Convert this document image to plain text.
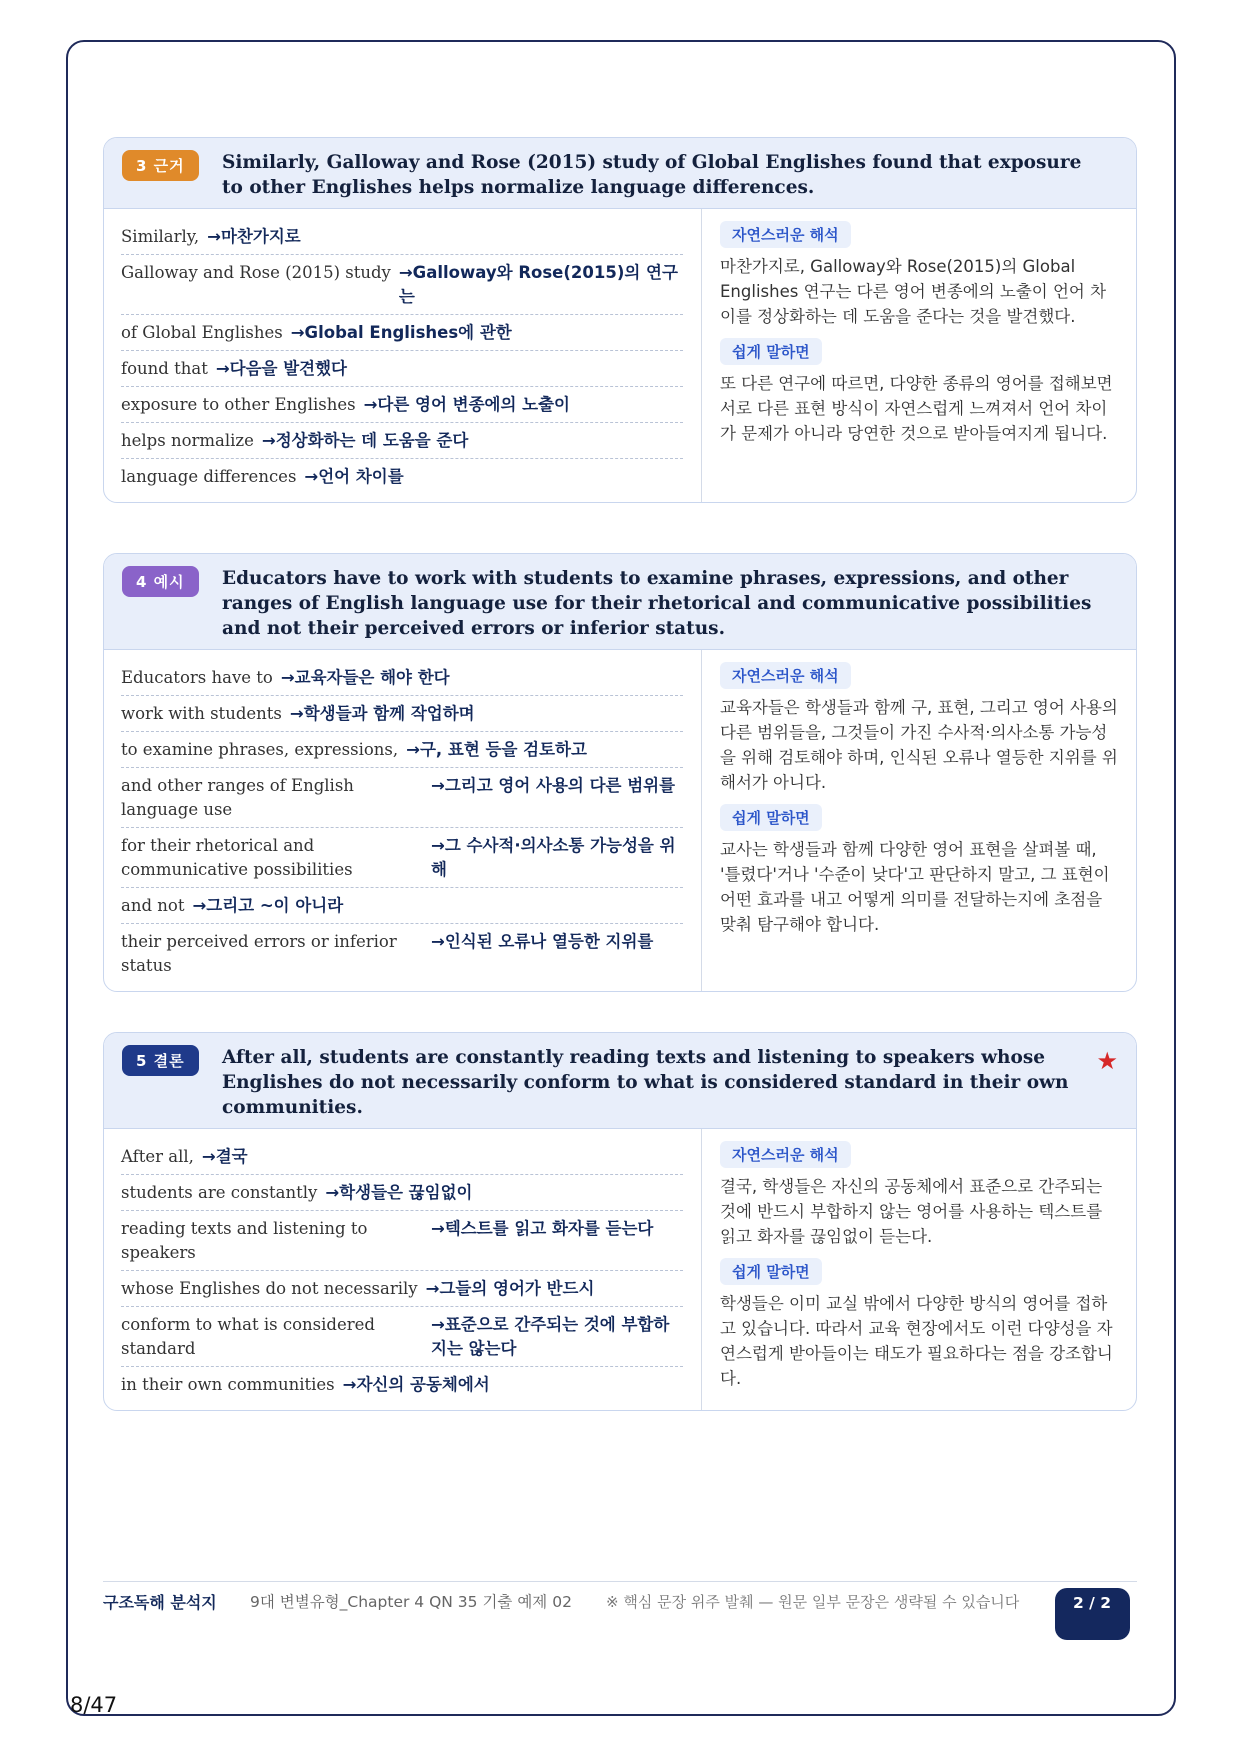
3 근거	Similarly, Galloway and Rose (2015) study of Global Englishes found that exposure to other Englishes helps normalize language differences.
Similarly, →마찬가지로
Galloway and Rose (2015) study →Galloway와 Rose(2015)의 연구는
of Global Englishes →Global Englishes에 관한
found that →다음을 발견했다
exposure to other Englishes →다른 영어 변종에의 노출이
helps normalize →정상화하는 데 도움을 준다
language differences →언어 차이를
자연스러운 해석

마찬가지로, Galloway와 Rose(2015)의 Global Englishes 연구는 다른 영어 변종에의 노출이 언어 차이를 정상화하는 데 도움을 준다는 것을 발견했다.

쉽게 말하면

또 다른 연구에 따르면, 다양한 종류의 영어를 접해보면 서로 다른 표현 방식이 자연스럽게 느껴져서 언어 차이가 문제가 아니라 당연한 것으로 받아들여지게 됩니다.

4 예시	Educators have to work with students to examine phrases, expressions, and other ranges of English language use for their rhetorical and communicative possibilities and not their perceived errors or inferior status.
Educators have to →교육자들은 해야 한다
work with students →학생들과 함께 작업하며
to examine phrases, expressions, →구, 표현 등을 검토하고
and other ranges of English language use
→그리고 영어 사용의 다른 범위를
for their rhetorical and communicative possibilities
→그 수사적·의사소통 가능성을 위해
and not →그리고 ~이 아니라
their perceived errors or inferior status
→인식된 오류나 열등한 지위를
자연스러운 해석

교육자들은 학생들과 함께 구, 표현, 그리고 영어 사용의 다른 범위들을, 그것들이 가진 수사적·의사소통 가능성을 위해 검토해야 하며, 인식된 오류나 열등한 지위를 위해서가 아니다.

쉽게 말하면

교사는 학생들과 함께 다양한 영어 표현을 살펴볼 때, '틀렸다'거나 '수준이 낮다'고 판단하지 말고, 그 표현이 어떤 효과를 내고 어떻게 의미를 전달하는지에 초점을 맞춰 탐구해야 합니다.

5 결론	After all, students are constantly reading texts and listening to speakers whose Englishes do not necessarily conform to what is considered standard in their own communities.
★
After all, →결국
students are constantly →학생들은 끊임없이
reading texts and listening to speakers
→텍스트를 읽고 화자를 듣는다
whose Englishes do not necessarily →그들의 영어가 반드시
conform to what is considered standard
→표준으로 간주되는 것에 부합하지는 않는다
in their own communities →자신의 공동체에서
자연스러운 해석

결국, 학생들은 자신의 공동체에서 표준으로 간주되는 것에 반드시 부합하지 않는 영어를 사용하는 텍스트를 읽고 화자를 끊임없이 듣는다.

쉽게 말하면

학생들은 이미 교실 밖에서 다양한 방식의 영어를 접하고 있습니다. 따라서 교육 현장에서도 이런 다양성을 자연스럽게 받아들이는 태도가 필요하다는 점을 강조합니다.

구조독해 분석지	9대 변별유형_Chapter 4 QN 35 기출 예제 02	※ 핵심 문장 위주 발췌 — 원문 일부 문장은 생략될 수 있습니다	2 / 2
8/47
